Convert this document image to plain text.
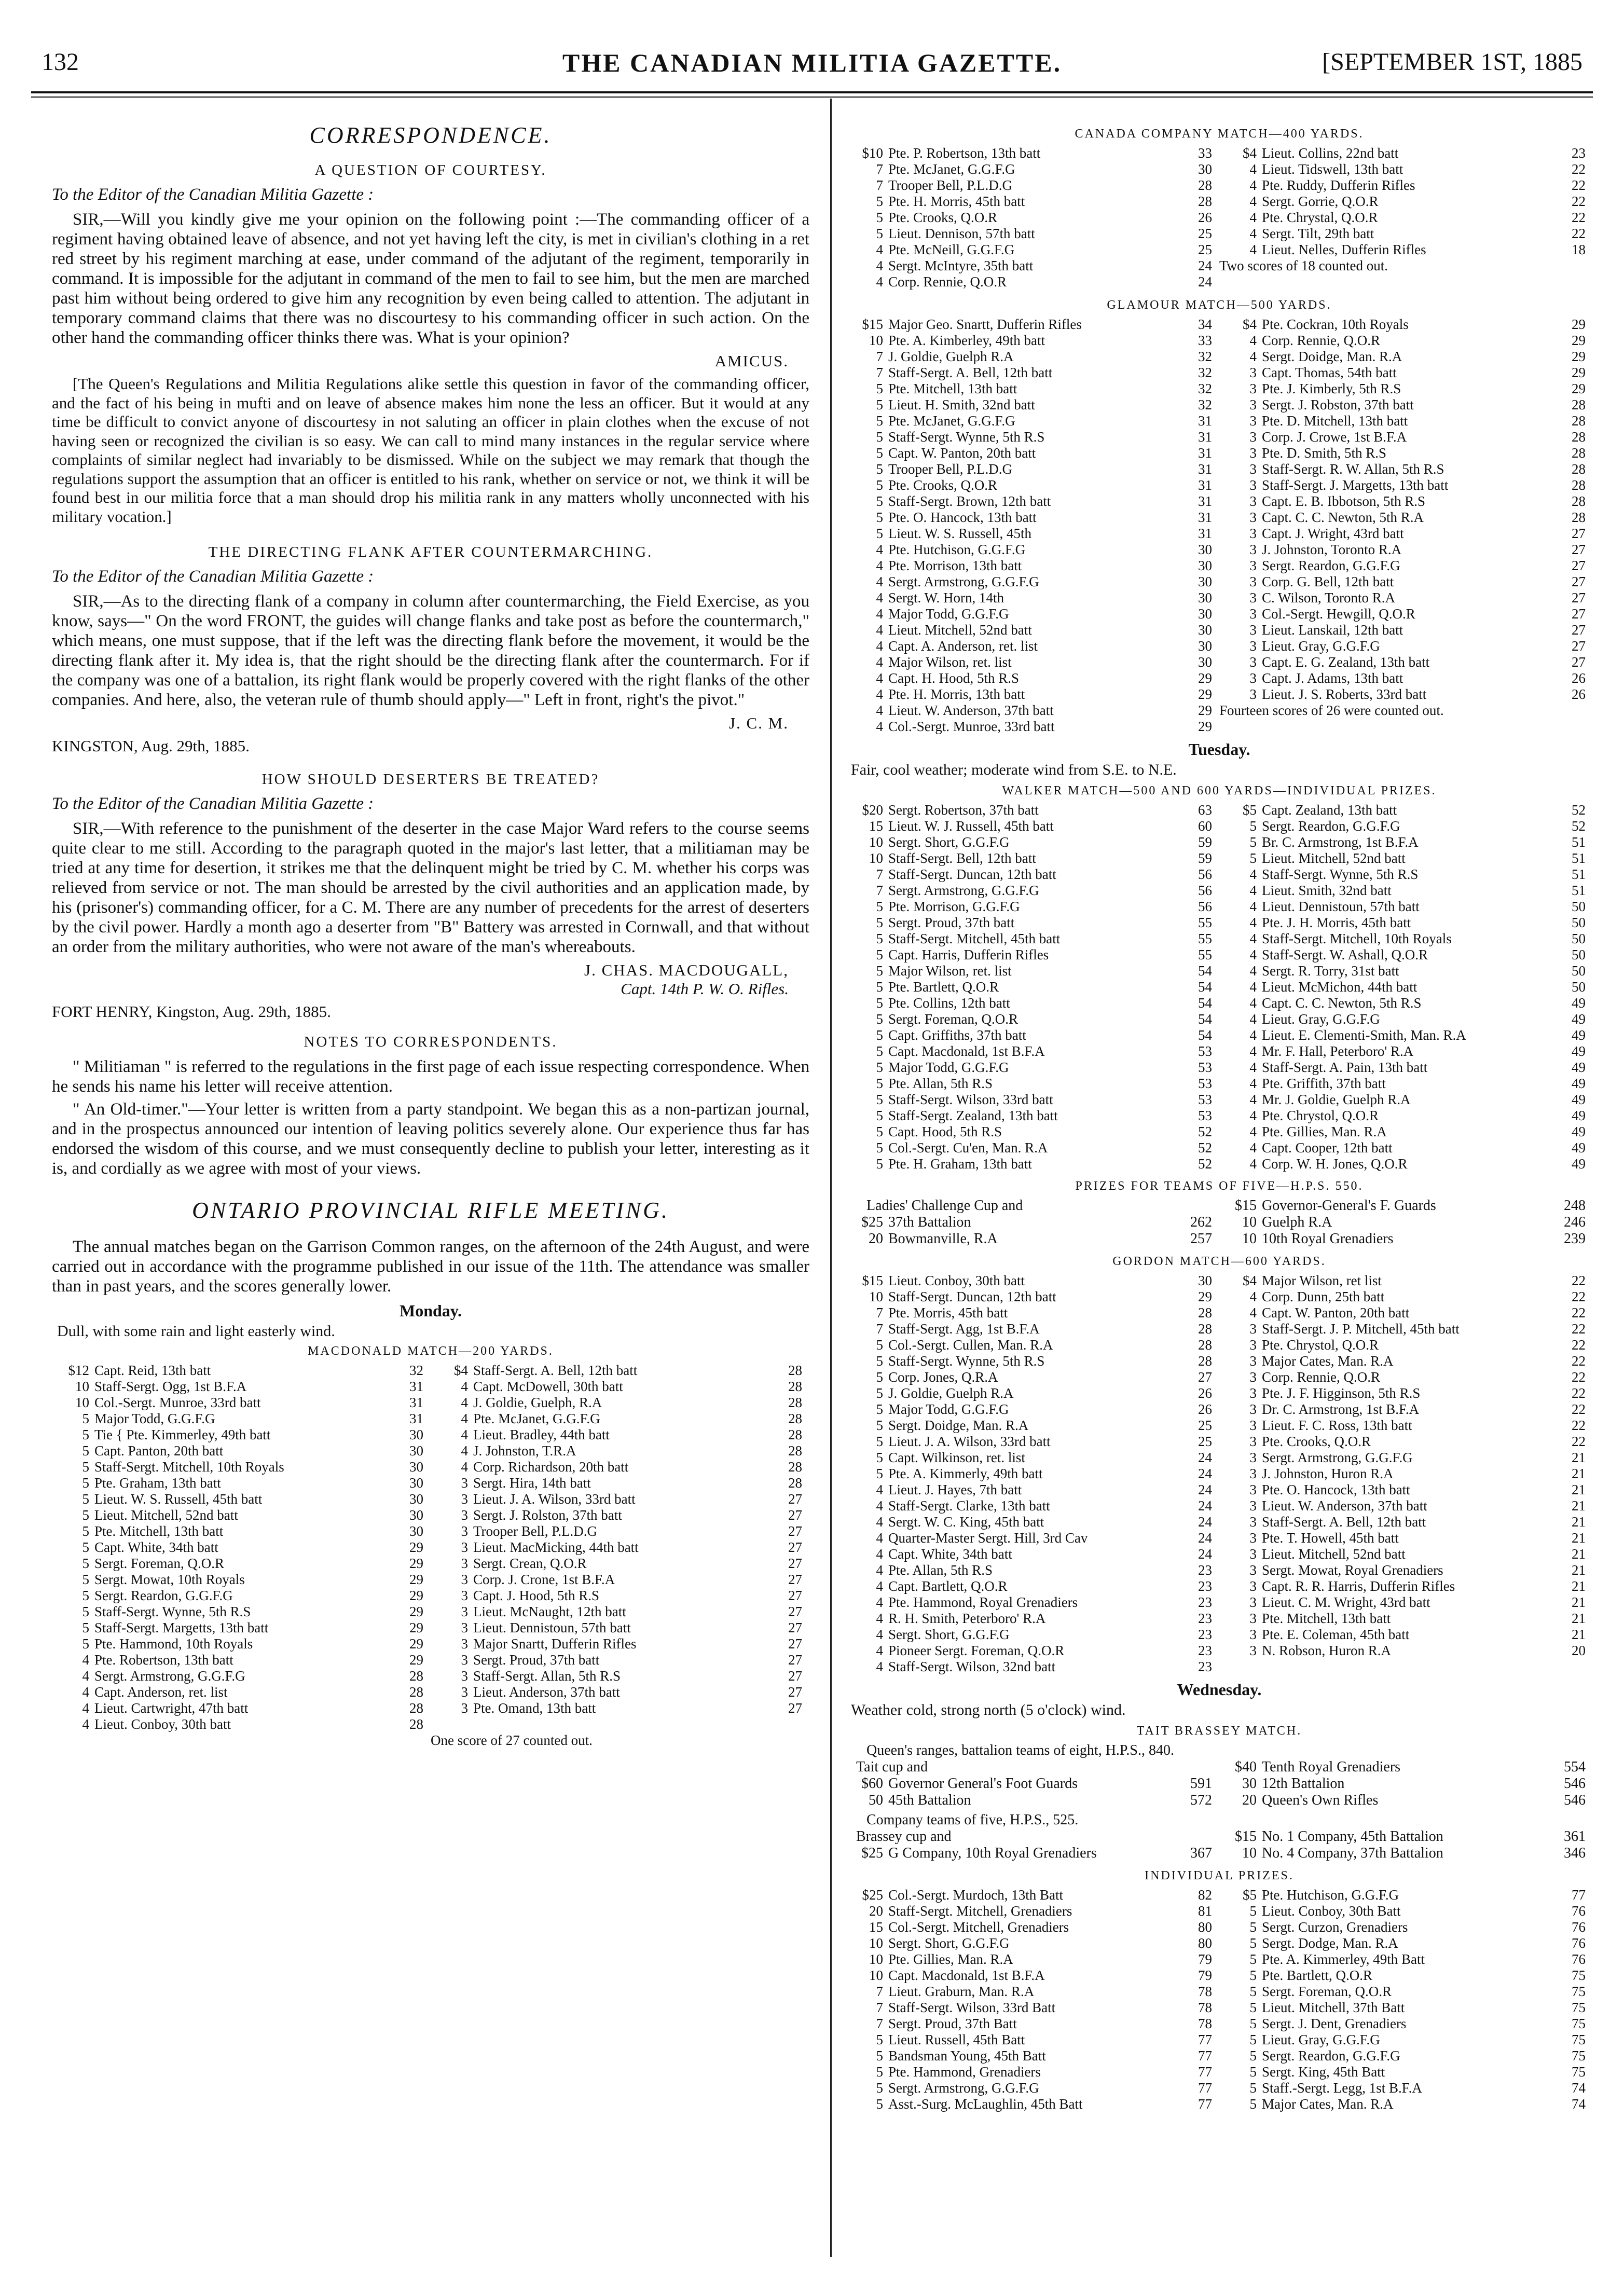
132	THE CANADIAN MILITIA GAZETTE.	[SEPTEMBER 1ST, 1885
CORRESPONDENCE.
A QUESTION OF COURTESY.
To the Editor of the Canadian Militia Gazette :

SIR,—Will you kindly give me your opinion on the following point :—The commanding officer of a regiment having obtained leave of absence, and not yet having left the city, is met in civilian's clothing in a ret red street by his regiment marching at ease, under command of the adjutant of the regiment, temporarily in command. It is impossible for the adjutant in command of the men to fail to see him, but the men are marched past him without being ordered to give him any recognition by even being called to attention. The adjutant in temporary command claims that there was no discourtesy to his commanding officer in such action. On the other hand the commanding officer thinks there was. What is your opinion?

AMICUS.

[The Queen's Regulations and Militia Regulations alike settle this question in favor of the commanding officer, and the fact of his being in mufti and on leave of absence makes him none the less an officer. But it would at any time be difficult to convict anyone of discourtesy in not saluting an officer in plain clothes when the excuse of not having seen or recognized the civilian is so easy. We can call to mind many instances in the regular service where complaints of similar neglect had invariably to be dismissed. While on the subject we may remark that though the regulations support the assumption that an officer is entitled to his rank, whether on service or not, we think it will be found best in our militia force that a man should drop his militia rank in any matters wholly unconnected with his military vocation.]

THE DIRECTING FLANK AFTER COUNTERMARCHING.
To the Editor of the Canadian Militia Gazette :

SIR,—As to the directing flank of a company in column after countermarching, the Field Exercise, as you know, says—" On the word FRONT, the guides will change flanks and take post as before the countermarch," which means, one must suppose, that if the left was the directing flank before the movement, it would be the directing flank after it. My idea is, that the right should be the directing flank after the countermarch. For if the company was one of a battalion, its right flank would be properly covered with the right flanks of the other companies. And here, also, the veteran rule of thumb should apply—" Left in front, right's the pivot."

J. C. M.
KINGSTON, Aug. 29th, 1885.
HOW SHOULD DESERTERS BE TREATED?
To the Editor of the Canadian Militia Gazette :

SIR,—With reference to the punishment of the deserter in the case Major Ward refers to the course seems quite clear to me still. According to the paragraph quoted in the major's last letter, that a militiaman may be tried at any time for desertion, it strikes me that the delinquent might be tried by C. M. whether his corps was relieved from service or not. The man should be arrested by the civil authorities and an application made, by his (prisoner's) commanding officer, for a C. M. There are any number of precedents for the arrest of deserters by the civil power. Hardly a month ago a deserter from "B" Battery was arrested in Cornwall, and that without an order from the military authorities, who were not aware of the man's whereabouts.

J. CHAS. MACDOUGALL,
Capt. 14th P. W. O. Rifles.
FORT HENRY, Kingston, Aug. 29th, 1885.
NOTES TO CORRESPONDENTS.

" Militiaman " is referred to the regulations in the first page of each issue respecting correspondence. When he sends his name his letter will receive attention.

" An Old-timer."—Your letter is written from a party standpoint. We began this as a non-partizan journal, and in the prospectus announced our intention of leaving politics severely alone. Our experience thus far has endorsed the wisdom of this course, and we must consequently decline to publish your letter, interesting as it is, and cordially as we agree with most of your views.

ONTARIO PROVINCIAL RIFLE MEETING.

The annual matches began on the Garrison Common ranges, on the afternoon of the 24th August, and were carried out in accordance with the programme published in our issue of the 11th. The attendance was smaller than in past years, and the scores generally lower.

Monday.
Dull, with some rain and light easterly wind.
MACDONALD MATCH—200 YARDS.
$12 Capt. Reid, 13th batt	32
10 Staff-Sergt. Ogg, 1st B.F.A	31
10 Col.-Sergt. Munroe, 33rd batt	31
5 Major Todd, G.G.F.G	31
5 Tie { Pte. Kimmerley, 49th batt	30
5 Capt. Panton, 20th batt	30
5 Staff-Sergt. Mitchell, 10th Royals	30
5 Pte. Graham, 13th batt	30
5 Lieut. W. S. Russell, 45th batt	30
5 Lieut. Mitchell, 52nd batt	30
5 Pte. Mitchell, 13th batt	30
5 Capt. White, 34th batt	29
5 Sergt. Foreman, Q.O.R	29
5 Sergt. Mowat, 10th Royals	29
5 Sergt. Reardon, G.G.F.G	29
5 Staff-Sergt. Wynne, 5th R.S	29
5 Staff-Sergt. Margetts, 13th batt	29
5 Pte. Hammond, 10th Royals	29
4 Pte. Robertson, 13th batt	29
4 Sergt. Armstrong, G.G.F.G	28
4 Capt. Anderson, ret. list	28
4 Lieut. Cartwright, 47th batt	28
4 Lieut. Conboy, 30th batt	28
$4 Staff-Sergt. A. Bell, 12th batt	28
4 Capt. McDowell, 30th batt	28
4 J. Goldie, Guelph, R.A	28
4 Pte. McJanet, G.G.F.G	28
4 Lieut. Bradley, 44th batt	28
4 J. Johnston, T.R.A	28
4 Corp. Richardson, 20th batt	28
3 Sergt. Hira, 14th batt	28
3 Lieut. J. A. Wilson, 33rd batt	27
3 Sergt. J. Rolston, 37th batt	27
3 Trooper Bell, P.L.D.G	27
3 Lieut. MacMicking, 44th batt	27
3 Sergt. Crean, Q.O.R	27
3 Corp. J. Crone, 1st B.F.A	27
3 Capt. J. Hood, 5th R.S	27
3 Lieut. McNaught, 12th batt	27
3 Lieut. Dennistoun, 57th batt	27
3 Major Snartt, Dufferin Rifles	27
3 Sergt. Proud, 37th batt	27
3 Staff-Sergt. Allan, 5th R.S	27
3 Lieut. Anderson, 37th batt	27
3 Pte. Omand, 13th batt	27
One score of 27 counted out.
CANADA COMPANY MATCH—400 YARDS.
$10 Pte. P. Robertson, 13th batt	33
7 Pte. McJanet, G.G.F.G	30
7 Trooper Bell, P.L.D.G	28
5 Pte. H. Morris, 45th batt	28
5 Pte. Crooks, Q.O.R	26
5 Lieut. Dennison, 57th batt	25
4 Pte. McNeill, G.G.F.G	25
4 Sergt. McIntyre, 35th batt	24
4 Corp. Rennie, Q.O.R	24
$4 Lieut. Collins, 22nd batt	23
4 Lieut. Tidswell, 13th batt	22
4 Pte. Ruddy, Dufferin Rifles	22
4 Sergt. Gorrie, Q.O.R	22
4 Pte. Chrystal, Q.O.R	22
4 Sergt. Tilt, 29th batt	22
4 Lieut. Nelles, Dufferin Rifles	18
Two scores of 18 counted out.
GLAMOUR MATCH—500 YARDS.
$15 Major Geo. Snartt, Dufferin Rifles	34
10 Pte. A. Kimberley, 49th batt	33
7 J. Goldie, Guelph R.A	32
7 Staff-Sergt. A. Bell, 12th batt	32
5 Pte. Mitchell, 13th batt	32
5 Lieut. H. Smith, 32nd batt	32
5 Pte. McJanet, G.G.F.G	31
5 Staff-Sergt. Wynne, 5th R.S	31
5 Capt. W. Panton, 20th batt	31
5 Trooper Bell, P.L.D.G	31
5 Pte. Crooks, Q.O.R	31
5 Staff-Sergt. Brown, 12th batt	31
5 Pte. O. Hancock, 13th batt	31
5 Lieut. W. S. Russell, 45th	31
4 Pte. Hutchison, G.G.F.G	30
4 Pte. Morrison, 13th batt	30
4 Sergt. Armstrong, G.G.F.G	30
4 Sergt. W. Horn, 14th	30
4 Major Todd, G.G.F.G	30
4 Lieut. Mitchell, 52nd batt	30
4 Capt. A. Anderson, ret. list	30
4 Major Wilson, ret. list	30
4 Capt. H. Hood, 5th R.S	29
4 Pte. H. Morris, 13th batt	29
4 Lieut. W. Anderson, 37th batt	29
4 Col.-Sergt. Munroe, 33rd batt	29
$4 Pte. Cockran, 10th Royals	29
4 Corp. Rennie, Q.O.R	29
4 Sergt. Doidge, Man. R.A	29
3 Capt. Thomas, 54th batt	29
3 Pte. J. Kimberly, 5th R.S	29
3 Sergt. J. Robston, 37th batt	28
3 Pte. D. Mitchell, 13th batt	28
3 Corp. J. Crowe, 1st B.F.A	28
3 Pte. D. Smith, 5th R.S	28
3 Staff-Sergt. R. W. Allan, 5th R.S	28
3 Staff-Sergt. J. Margetts, 13th batt	28
3 Capt. E. B. Ibbotson, 5th R.S	28
3 Capt. C. C. Newton, 5th R.A	28
3 Capt. J. Wright, 43rd batt	27
3 J. Johnston, Toronto R.A	27
3 Sergt. Reardon, G.G.F.G	27
3 Corp. G. Bell, 12th batt	27
3 C. Wilson, Toronto R.A	27
3 Col.-Sergt. Hewgill, Q.O.R	27
3 Lieut. Lanskail, 12th batt	27
3 Lieut. Gray, G.G.F.G	27
3 Capt. E. G. Zealand, 13th batt	27
3 Capt. J. Adams, 13th batt	26
3 Lieut. J. S. Roberts, 33rd batt	26
Fourteen scores of 26 were counted out.
Tuesday.
Fair, cool weather; moderate wind from S.E. to N.E.
WALKER MATCH—500 AND 600 YARDS—INDIVIDUAL PRIZES.
$20 Sergt. Robertson, 37th batt	63
15 Lieut. W. J. Russell, 45th batt	60
10 Sergt. Short, G.G.F.G	59
10 Staff-Sergt. Bell, 12th batt	59
7 Staff-Sergt. Duncan, 12th batt	56
7 Sergt. Armstrong, G.G.F.G	56
5 Pte. Morrison, G.G.F.G	56
5 Sergt. Proud, 37th batt	55
5 Staff-Sergt. Mitchell, 45th batt	55
5 Capt. Harris, Dufferin Rifles	55
5 Major Wilson, ret. list	54
5 Pte. Bartlett, Q.O.R	54
5 Pte. Collins, 12th batt	54
5 Sergt. Foreman, Q.O.R	54
5 Capt. Griffiths, 37th batt	54
5 Capt. Macdonald, 1st B.F.A	53
5 Major Todd, G.G.F.G	53
5 Pte. Allan, 5th R.S	53
5 Staff-Sergt. Wilson, 33rd batt	53
5 Staff-Sergt. Zealand, 13th batt	53
5 Capt. Hood, 5th R.S	52
5 Col.-Sergt. Cu'en, Man. R.A	52
5 Pte. H. Graham, 13th batt	52
$5 Capt. Zealand, 13th batt	52
5 Sergt. Reardon, G.G.F.G	52
5 Br. C. Armstrong, 1st B.F.A	51
5 Lieut. Mitchell, 52nd batt	51
4 Staff-Sergt. Wynne, 5th R.S	51
4 Lieut. Smith, 32nd batt	51
4 Lieut. Dennistoun, 57th batt	50
4 Pte. J. H. Morris, 45th batt	50
4 Staff-Sergt. Mitchell, 10th Royals	50
4 Staff-Sergt. W. Ashall, Q.O.R	50
4 Sergt. R. Torry, 31st batt	50
4 Lieut. McMichon, 44th batt	50
4 Capt. C. C. Newton, 5th R.S	49
4 Lieut. Gray, G.G.F.G	49
4 Lieut. E. Clementi-Smith, Man. R.A	49
4 Mr. F. Hall, Peterboro' R.A	49
4 Staff-Sergt. A. Pain, 13th batt	49
4 Pte. Griffith, 37th batt	49
4 Mr. J. Goldie, Guelph R.A	49
4 Pte. Chrystol, Q.O.R	49
4 Pte. Gillies, Man. R.A	49
4 Capt. Cooper, 12th batt	49
4 Corp. W. H. Jones, Q.O.R	49
PRIZES FOR TEAMS OF FIVE—H.P.S. 550.
Ladies' Challenge Cup and
$25 37th Battalion	262
20 Bowmanville, R.A	257
$15 Governor-General's F. Guards	248
10 Guelph R.A	246
10 10th Royal Grenadiers	239
GORDON MATCH—600 YARDS.
$15 Lieut. Conboy, 30th batt	30
10 Staff-Sergt. Duncan, 12th batt	29
7 Pte. Morris, 45th batt	28
7 Staff-Sergt. Agg, 1st B.F.A	28
5 Col.-Sergt. Cullen, Man. R.A	28
5 Staff-Sergt. Wynne, 5th R.S	28
5 Corp. Jones, Q.R.A	27
5 J. Goldie, Guelph R.A	26
5 Major Todd, G.G.F.G	26
5 Sergt. Doidge, Man. R.A	25
5 Lieut. J. A. Wilson, 33rd batt	25
5 Capt. Wilkinson, ret. list	24
5 Pte. A. Kimmerly, 49th batt	24
4 Lieut. J. Hayes, 7th batt	24
4 Staff-Sergt. Clarke, 13th batt	24
4 Sergt. W. C. King, 45th batt	24
4 Quarter-Master Sergt. Hill, 3rd Cav	24
4 Capt. White, 34th batt	24
4 Pte. Allan, 5th R.S	23
4 Capt. Bartlett, Q.O.R	23
4 Pte. Hammond, Royal Grenadiers	23
4 R. H. Smith, Peterboro' R.A	23
4 Sergt. Short, G.G.F.G	23
4 Pioneer Sergt. Foreman, Q.O.R	23
4 Staff-Sergt. Wilson, 32nd batt	23
$4 Major Wilson, ret list	22
4 Corp. Dunn, 25th batt	22
4 Capt. W. Panton, 20th batt	22
3 Staff-Sergt. J. P. Mitchell, 45th batt	22
3 Pte. Chrystol, Q.O.R	22
3 Major Cates, Man. R.A	22
3 Corp. Rennie, Q.O.R	22
3 Pte. J. F. Higginson, 5th R.S	22
3 Dr. C. Armstrong, 1st B.F.A	22
3 Lieut. F. C. Ross, 13th batt	22
3 Pte. Crooks, Q.O.R	22
3 Sergt. Armstrong, G.G.F.G	21
3 J. Johnston, Huron R.A	21
3 Pte. O. Hancock, 13th batt	21
3 Lieut. W. Anderson, 37th batt	21
3 Staff-Sergt. A. Bell, 12th batt	21
3 Pte. T. Howell, 45th batt	21
3 Lieut. Mitchell, 52nd batt	21
3 Sergt. Mowat, Royal Grenadiers	21
3 Capt. R. R. Harris, Dufferin Rifles	21
3 Lieut. C. M. Wright, 43rd batt	21
3 Pte. Mitchell, 13th batt	21
3 Pte. E. Coleman, 45th batt	21
3 N. Robson, Huron R.A	20
Wednesday.
Weather cold, strong north (5 o'clock) wind.
TAIT BRASSEY MATCH.
Queen's ranges, battalion teams of eight, H.P.S., 840.
Tait cup and
$60 Governor General's Foot Guards	591
50 45th Battalion	572
$40 Tenth Royal Grenadiers	554
30 12th Battalion	546
20 Queen's Own Rifles	546
Company teams of five, H.P.S., 525.
Brassey cup and
$25 G Company, 10th Royal Grenadiers	367
$15 No. 1 Company, 45th Battalion	361
10 No. 4 Company, 37th Battalion	346
INDIVIDUAL PRIZES.
$25 Col.-Sergt. Murdoch, 13th Batt	82
20 Staff-Sergt. Mitchell, Grenadiers	81
15 Col.-Sergt. Mitchell, Grenadiers	80
10 Sergt. Short, G.G.F.G	80
10 Pte. Gillies, Man. R.A	79
10 Capt. Macdonald, 1st B.F.A	79
7 Lieut. Graburn, Man. R.A	78
7 Staff-Sergt. Wilson, 33rd Batt	78
7 Sergt. Proud, 37th Batt	78
5 Lieut. Russell, 45th Batt	77
5 Bandsman Young, 45th Batt	77
5 Pte. Hammond, Grenadiers	77
5 Sergt. Armstrong, G.G.F.G	77
5 Asst.-Surg. McLaughlin, 45th Batt	77
$5 Pte. Hutchison, G.G.F.G	77
5 Lieut. Conboy, 30th Batt	76
5 Sergt. Curzon, Grenadiers	76
5 Sergt. Dodge, Man. R.A	76
5 Pte. A. Kimmerley, 49th Batt	76
5 Pte. Bartlett, Q.O.R	75
5 Sergt. Foreman, Q.O.R	75
5 Lieut. Mitchell, 37th Batt	75
5 Sergt. J. Dent, Grenadiers	75
5 Lieut. Gray, G.G.F.G	75
5 Sergt. Reardon, G.G.F.G	75
5 Sergt. King, 45th Batt	75
5 Staff.-Sergt. Legg, 1st B.F.A	74
5 Major Cates, Man. R.A	74
